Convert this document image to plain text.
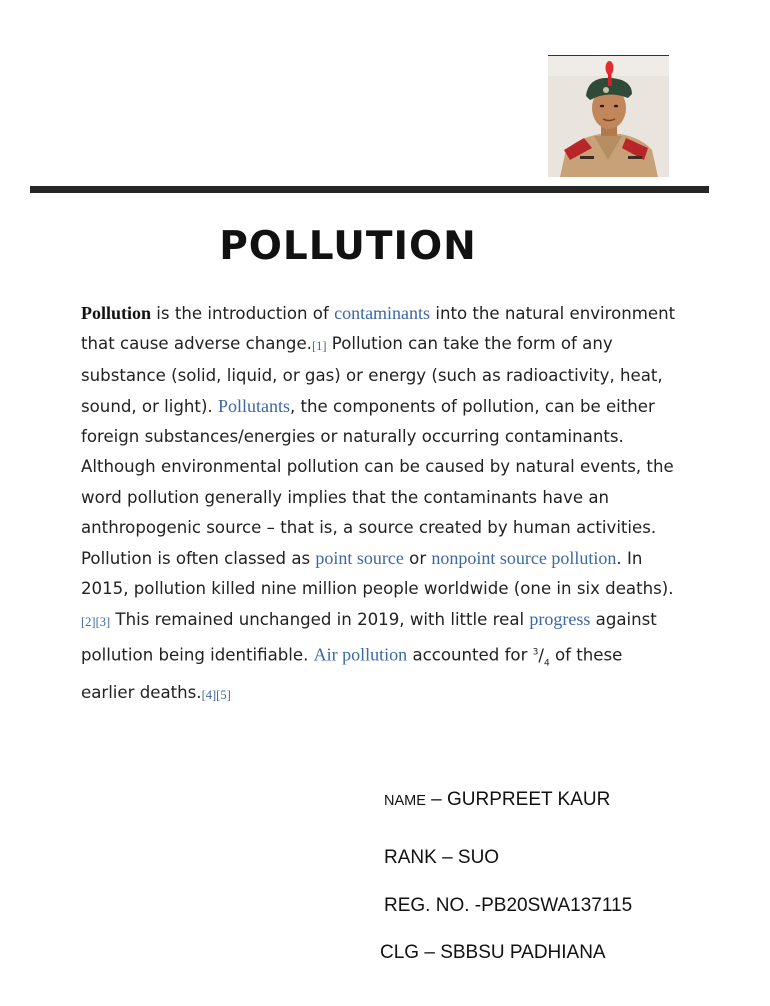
POLLUTION
Pollution is the introduction of contaminants into the natural environment that cause adverse change.[1] Pollution can take the form of any substance (solid, liquid, or gas) or energy (such as radioactivity, heat, sound, or light). Pollutants, the components of pollution, can be either foreign substances/energies or naturally occurring contaminants. Although environmental pollution can be caused by natural events, the word pollution generally implies that the contaminants have an anthropogenic source – that is, a source created by human activities. Pollution is often classed as point source or nonpoint source pollution. In 2015, pollution killed nine million people worldwide (one in six deaths).[2][3] This remained unchanged in 2019, with little real progress against pollution being identifiable. Air pollution accounted for $^3/_4$ of these earlier deaths.[4][5]
NAME – GURPREET KAUR
RANK – SUO
REG. NO. -PB20SWA137115
CLG – SBBSU PADHIANA
